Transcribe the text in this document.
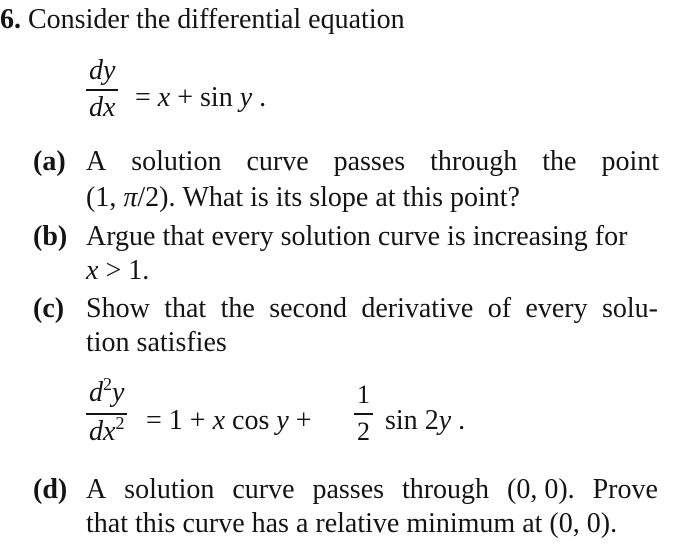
6. Consider the differential equation
dy
dx = x + sin y .
(a) A solution curve passes through the point
(1, π/2). What is its slope at this point?
(b) Argue that every solution curve is increasing for
x > 1.
(c) Show that the second derivative of every solu-
tion satisfies
$d^2y$
$dx^2 = 1 + x$ cos y +
1
2 sin 2y .
(d) A solution curve passes through (0, 0). Prove
that this curve has a relative minimum at (0, 0).
